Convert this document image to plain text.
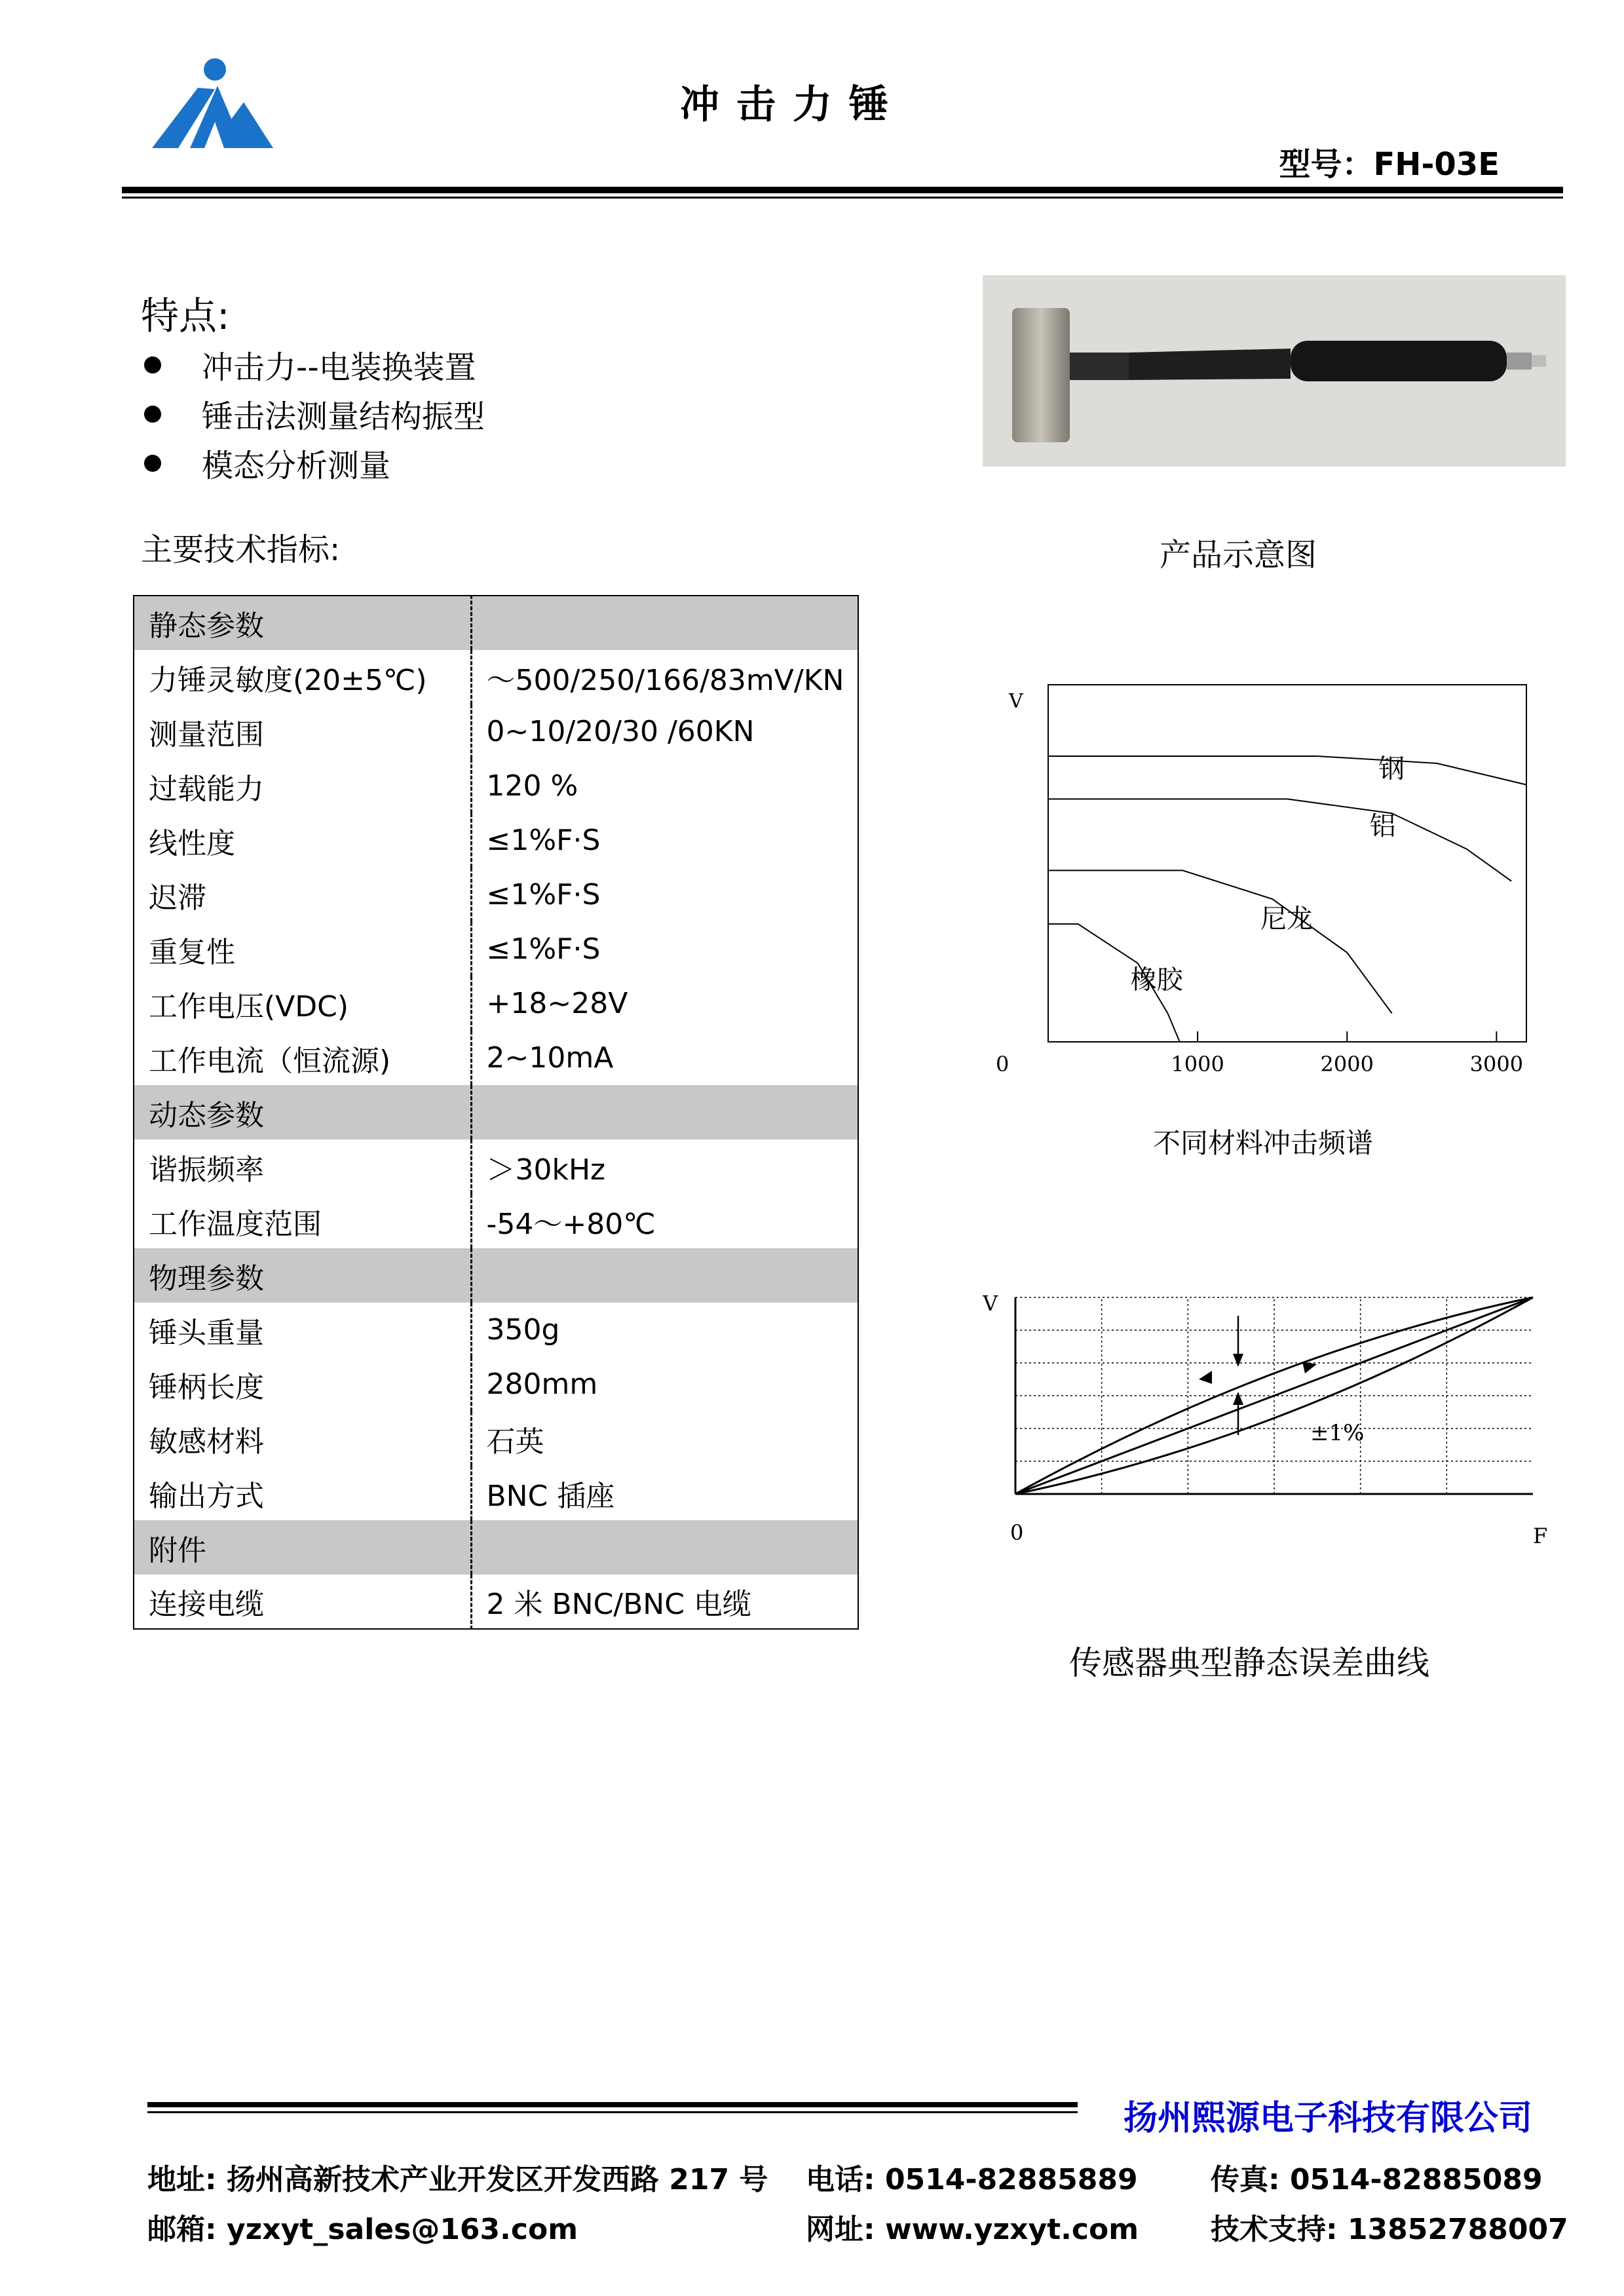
冲击力锤
型号：FH-03E
特点:
冲击力--电装换装置
锤击法测量结构振型
模态分析测量
产品示意图
主要技术指标:
静态参数	
力锤灵敏度(20±5℃)	～500/250/166/83mV/KN
测量范围	0~10/20/30 /60KN
过载能力	120 %
线性度	≤1%F·S
迟滞	≤1%F·S
重复性	≤1%F·S
工作电压(VDC)	+18~28V
工作电流（恒流源)	2~10mA
动态参数	
谐振频率	＞30kHz
工作温度范围	-54～+80℃
物理参数	
锤头重量	350g
锤柄长度	280mm
敏感材料	石英
输出方式	BNC 插座
附件	
连接电缆	2 米 BNC/BNC 电缆
V
0	1000	2000	3000
钢
铝
尼龙
橡胶
不同材料冲击频谱
±1%
V
0	F
传感器典型静态误差曲线
扬州熙源电子科技有限公司
地址: 扬州高新技术产业开发区开发西路 217 号 电话: 0514-82885889	传真: 0514-82885089
邮箱: yzxyt_sales@163.com	网址: www.yzxyt.com 技术支持: 13852788007
